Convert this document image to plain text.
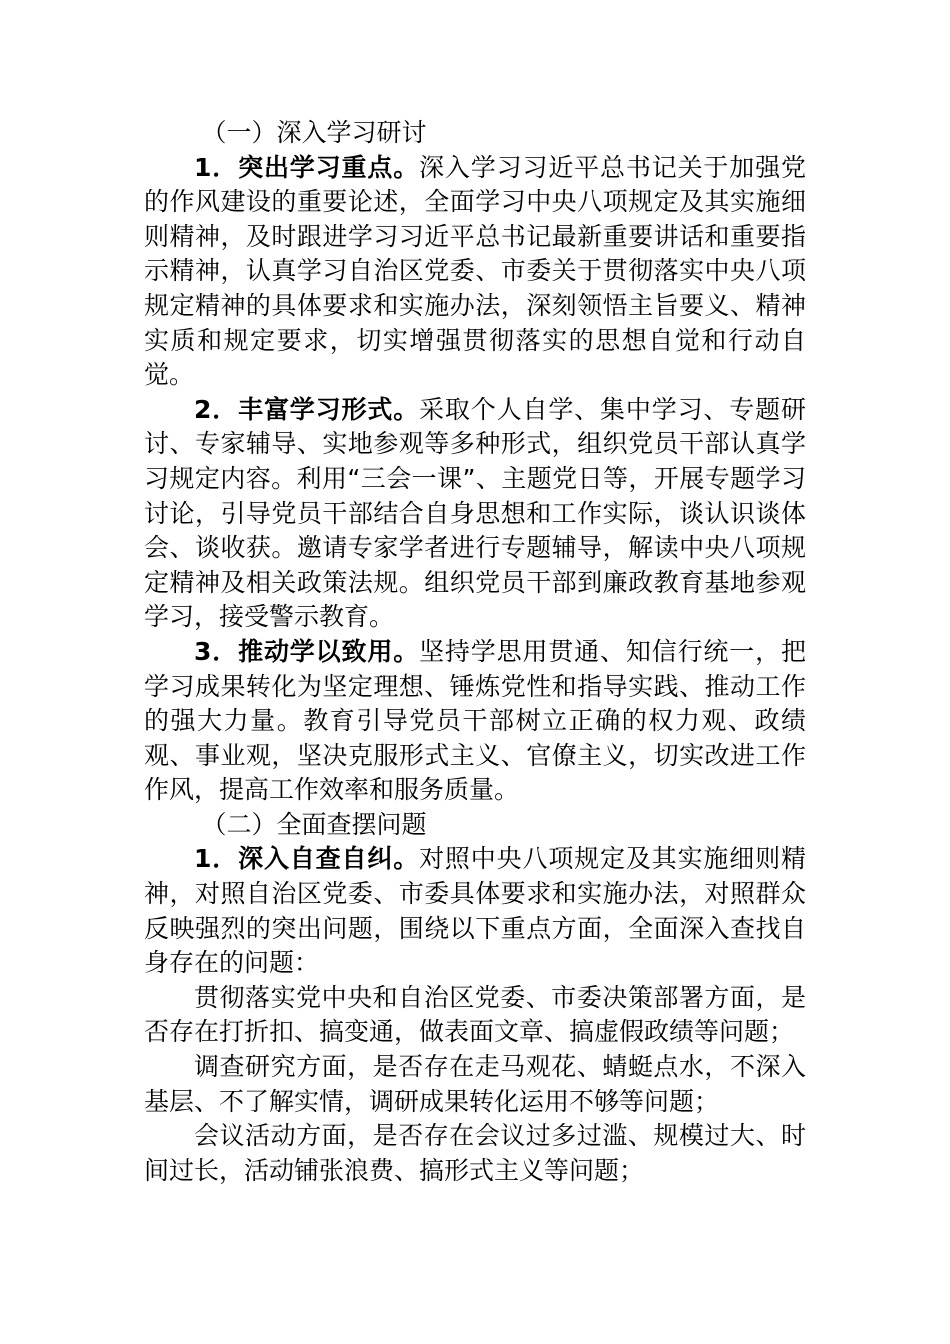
（一）深入学习研讨

1．突出学习重点。深入学习习近平总书记关于加强党的作风建设的重要论述，全面学习中央八项规定及其实施细则精神，及时跟进学习习近平总书记最新重要讲话和重要指示精神，认真学习自治区党委、市委关于贯彻落实中央八项规定精神的具体要求和实施办法，深刻领悟主旨要义、精神实质和规定要求，切实增强贯彻落实的思想自觉和行动自觉。

2．丰富学习形式。采取个人自学、集中学习、专题研讨、专家辅导、实地参观等多种形式，组织党员干部认真学习规定内容。利用“三会一课”、主题党日等，开展专题学习讨论，引导党员干部结合自身思想和工作实际，谈认识谈体会、谈收获。邀请专家学者进行专题辅导，解读中央八项规定精神及相关政策法规。组织党员干部到廉政教育基地参观学习，接受警示教育。

3．推动学以致用。坚持学思用贯通、知信行统一，把学习成果转化为坚定理想、锤炼党性和指导实践、推动工作的强大力量。教育引导党员干部树立正确的权力观、政绩观、事业观，坚决克服形式主义、官僚主义，切实改进工作作风，提高工作效率和服务质量。

（二）全面查摆问题

1．深入自查自纠。对照中央八项规定及其实施细则精神，对照自治区党委、市委具体要求和实施办法，对照群众反映强烈的突出问题，围绕以下重点方面，全面深入查找自身存在的问题：

贯彻落实党中央和自治区党委、市委决策部署方面，是否存在打折扣、搞变通，做表面文章、搞虚假政绩等问题；

调查研究方面，是否存在走马观花、蜻蜓点水，不深入基层、不了解实情，调研成果转化运用不够等问题；

会议活动方面，是否存在会议过多过滥、规模过大、时间过长，活动铺张浪费、搞形式主义等问题；
